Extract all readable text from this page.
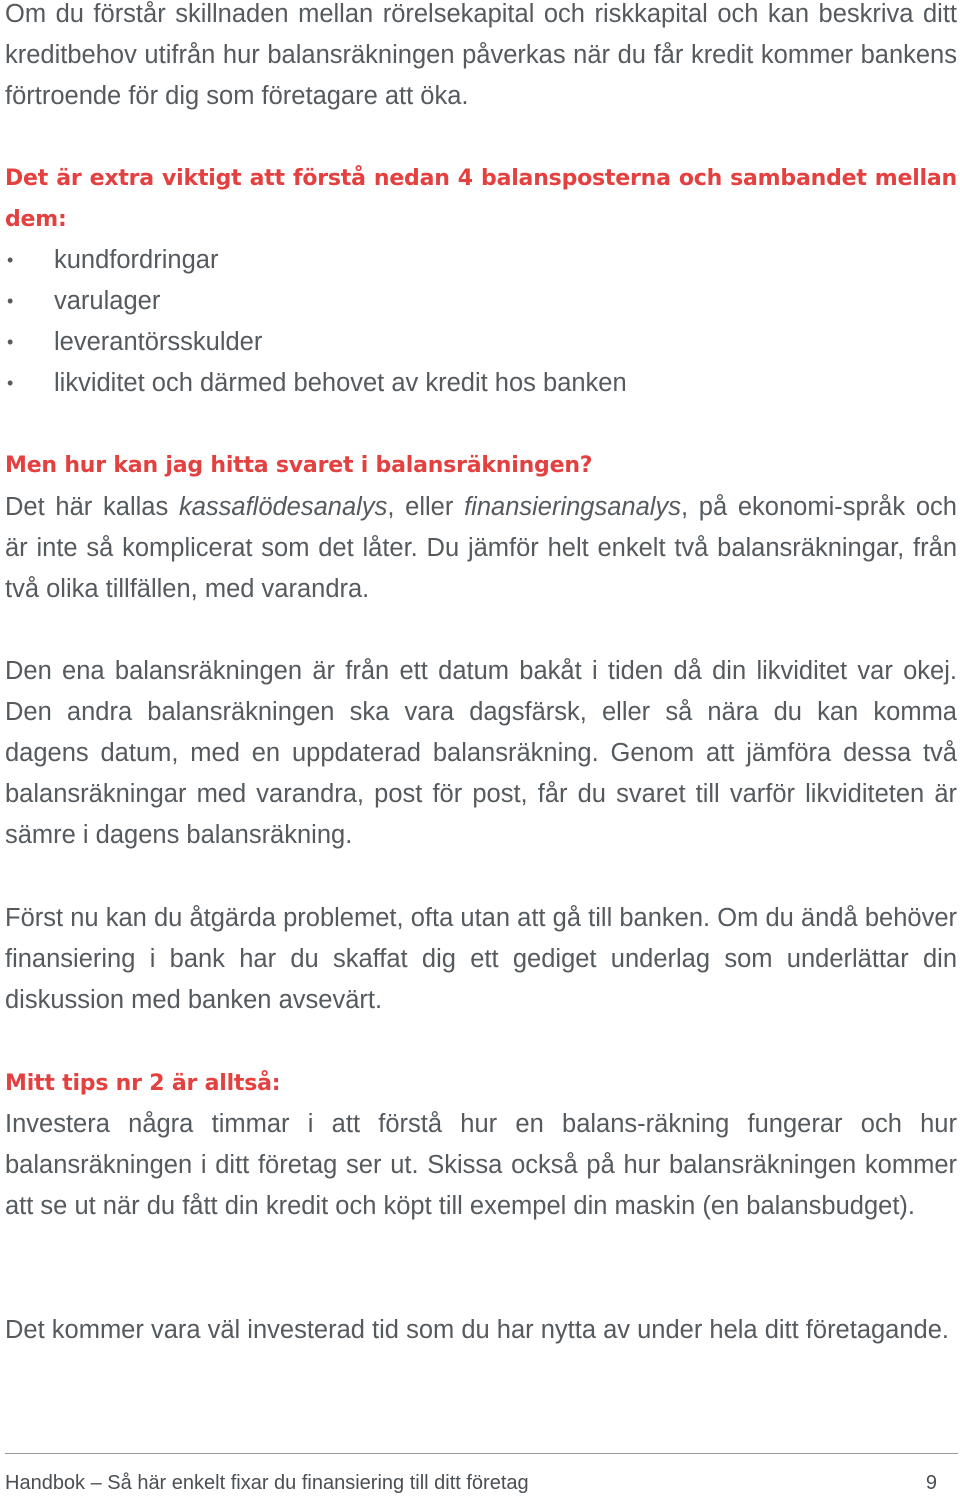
Om du förstår skillnaden mellan rörelsekapital och riskkapital och kan beskriva ditt kreditbehov utifrån hur balansräkningen påverkas när du får kredit kommer bankens förtroende för dig som företagare att öka.

Det är extra viktigt att förstå nedan 4 balansposterna och sambandet mellan dem:
• kundfordringar
• varulager
• leverantörsskulder
• likviditet och därmed behovet av kredit hos banken
Men hur kan jag hitta svaret i balansräkningen?

Det här kallas kassaflödesanalys, eller finansieringsanalys, på ekonomi-språk och är inte så komplicerat som det låter. Du jämför helt enkelt två balansräkningar, från två olika tillfällen, med varandra.

Den ena balansräkningen är från ett datum bakåt i tiden då din likviditet var okej. Den andra balansräkningen ska vara dagsfärsk, eller så nära du kan komma dagens datum, med en uppdaterad balansräkning. Genom att jämföra dessa två balansräkningar med varandra, post för post, får du svaret till varför likviditeten är sämre i dagens balansräkning.

Först nu kan du åtgärda problemet, ofta utan att gå till banken. Om du ändå behöver finansiering i bank har du skaffat dig ett gediget underlag som underlättar din diskussion med banken avsevärt.

Mitt tips nr 2 är alltså:

Investera några timmar i att förstå hur en balans-räkning fungerar och hur balansräkningen i ditt företag ser ut. Skissa också på hur balansräkningen kommer att se ut när du fått din kredit och köpt till exempel din maskin (en balansbudget).

Det kommer vara väl investerad tid som du har nytta av under hela ditt företagande.

Handbok – Så här enkelt fixar du finansiering till ditt företag	9
